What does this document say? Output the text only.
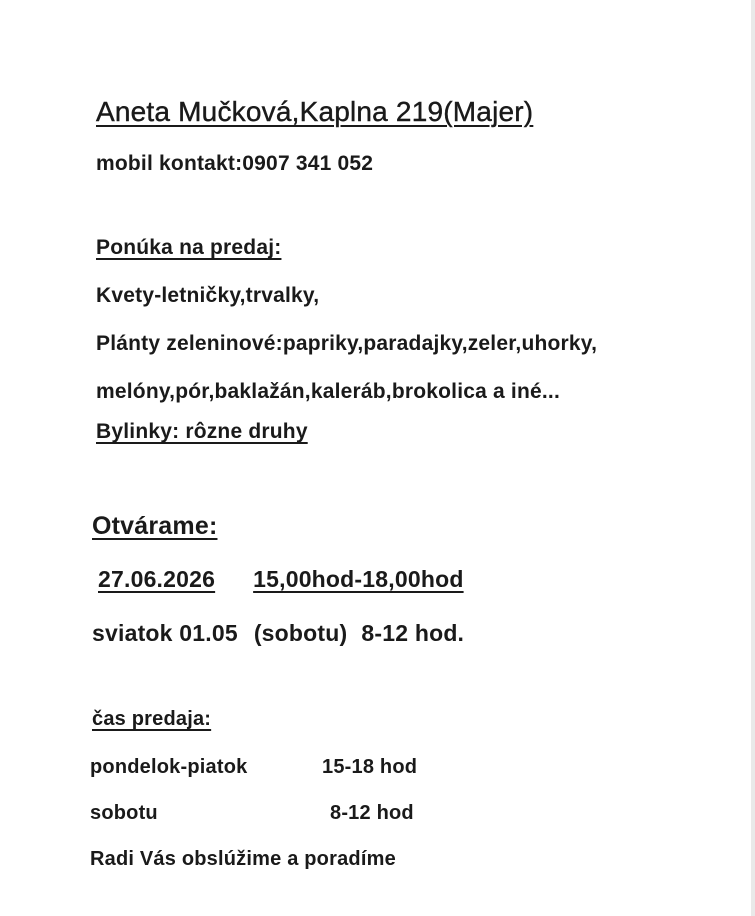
Aneta Mučková,Kaplna 219(Majer)
mobil kontakt:0907 341 052
Ponúka na predaj:
Kvety-letničky,trvalky,
Plánty zeleninové:papriky,paradajky,zeler,uhorky,
melóny,pór,baklažán,kaleráb,brokolica a iné...
Bylinky: rôzne druhy
Otvárame:
27.06.2026 15,00hod-18,00hod
sviatok 01.05 (sobotu) 8-12 hod.
čas predaja:
pondelok-piatok	15-18 hod
sobotu	8-12 hod
Radi Vás obslúžime a poradíme
